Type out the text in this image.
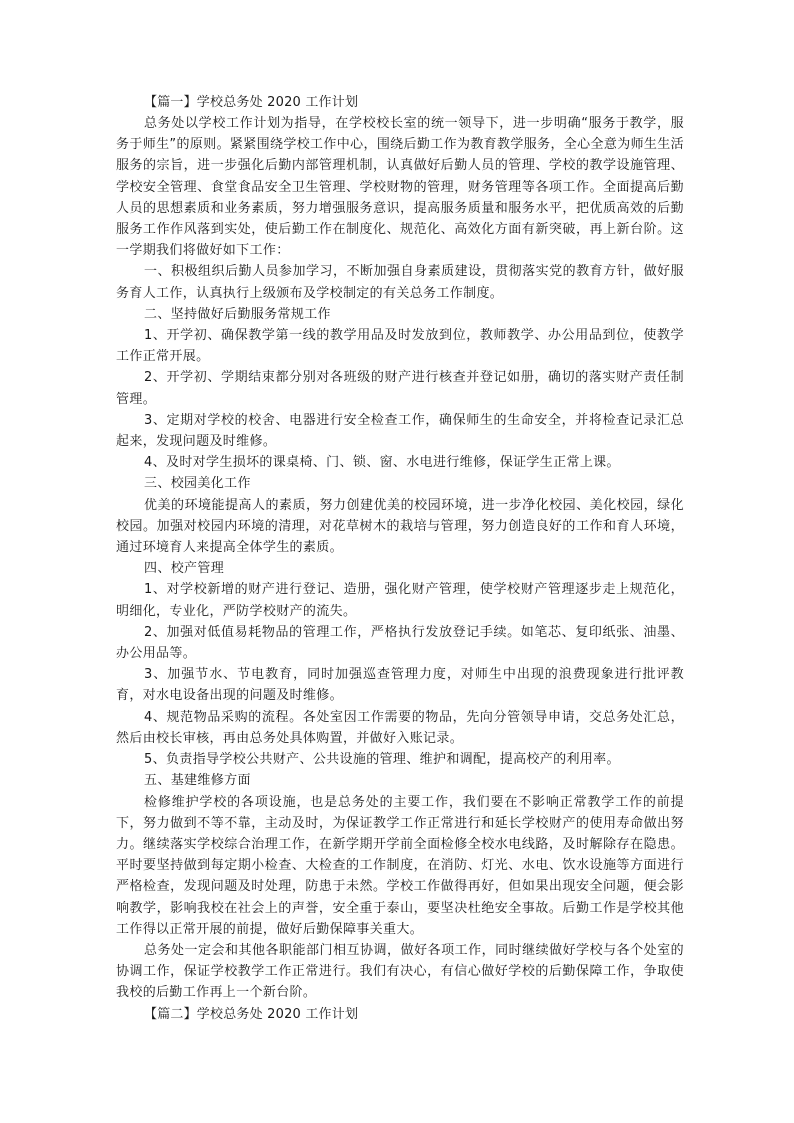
【篇一】学校总务处 2020 工作计划

总务处以学校工作计划为指导，在学校校长室的统一领导下，进一步明确“服务于教学，服务于师生”的原则。紧紧围绕学校工作中心，围绕后勤工作为教育教学服务，全心全意为师生生活服务的宗旨，进一步强化后勤内部管理机制，认真做好后勤人员的管理、学校的教学设施管理、学校安全管理、食堂食品安全卫生管理、学校财物的管理，财务管理等各项工作。全面提高后勤人员的思想素质和业务素质，努力增强服务意识，提高服务质量和服务水平，把优质高效的后勤服务工作作风落到实处，使后勤工作在制度化、规范化、高效化方面有新突破，再上新台阶。这一学期我们将做好如下工作：

一、积极组织后勤人员参加学习，不断加强自身素质建设，贯彻落实党的教育方针，做好服务育人工作，认真执行上级颁布及学校制定的有关总务工作制度。

二、坚持做好后勤服务常规工作

1、开学初、确保教学第一线的教学用品及时发放到位，教师教学、办公用品到位，使教学工作正常开展。

2、开学初、学期结束都分别对各班级的财产进行核查并登记如册，确切的落实财产责任制管理。

3、定期对学校的校舍、电器进行安全检查工作，确保师生的生命安全，并将检查记录汇总起来，发现问题及时维修。

4、及时对学生损坏的课桌椅、门、锁、窗、水电进行维修，保证学生正常上课。

三、校园美化工作

优美的环境能提高人的素质，努力创建优美的校园环境，进一步净化校园、美化校园，绿化校园。加强对校园内环境的清理，对花草树木的栽培与管理，努力创造良好的工作和育人环境，通过环境育人来提高全体学生的素质。

四、校产管理

1、对学校新增的财产进行登记、造册，强化财产管理，使学校财产管理逐步走上规范化，明细化，专业化，严防学校财产的流失。

2、加强对低值易耗物品的管理工作，严格执行发放登记手续。如笔芯、复印纸张、油墨、办公用品等。

3、加强节水、节电教育，同时加强巡查管理力度，对师生中出现的浪费现象进行批评教育，对水电设备出现的问题及时维修。

4、规范物品采购的流程。各处室因工作需要的物品，先向分管领导申请，交总务处汇总，然后由校长审核，再由总务处具体购置，并做好入账记录。

5、负责指导学校公共财产、公共设施的管理、维护和调配，提高校产的利用率。

五、基建维修方面

检修维护学校的各项设施，也是总务处的主要工作，我们要在不影响正常教学工作的前提下，努力做到不等不靠，主动及时，为保证教学工作正常进行和延长学校财产的使用寿命做出努力。继续落实学校综合治理工作，在新学期开学前全面检修全校水电线路，及时解除存在隐患。平时要坚持做到每定期小检查、大检查的工作制度，在消防、灯光、水电、饮水设施等方面进行严格检查，发现问题及时处理，防患于未然。学校工作做得再好，但如果出现安全问题，便会影响教学，影响我校在社会上的声誉，安全重于泰山，要坚决杜绝安全事故。后勤工作是学校其他工作得以正常开展的前提，做好后勤保障事关重大。

总务处一定会和其他各职能部门相互协调，做好各项工作，同时继续做好学校与各个处室的协调工作，保证学校教学工作正常进行。我们有决心，有信心做好学校的后勤保障工作，争取使我校的后勤工作再上一个新台阶。

【篇二】学校总务处 2020 工作计划
